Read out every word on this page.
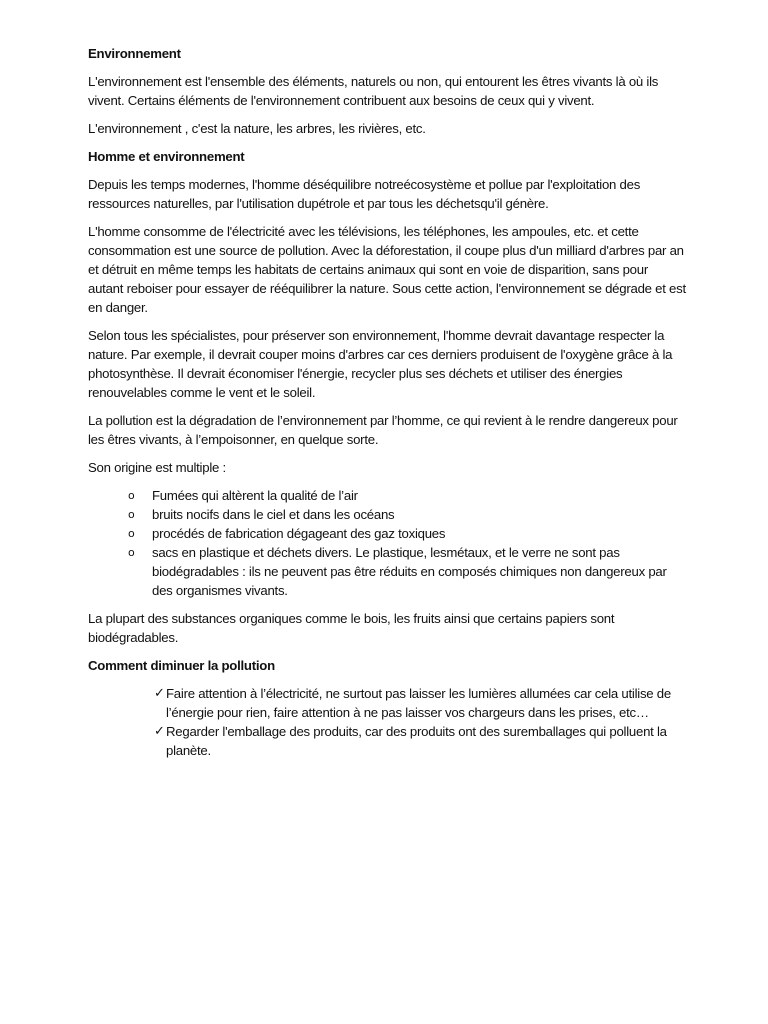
Environnement

L'environnement est l'ensemble des éléments, naturels ou non, qui entourent les êtres vivants là où ils vivent. Certains éléments de l'environnement contribuent aux besoins de ceux qui y vivent.

L'environnement , c'est la nature, les arbres, les rivières, etc.

Homme et environnement

Depuis les temps modernes, l'homme déséquilibre notreécosystème et pollue par l'exploitation des ressources naturelles, par l'utilisation dupétrole et par tous les déchetsqu'il génère.

L'homme consomme de l'électricité avec les télévisions, les téléphones, les ampoules, etc. et cette consommation est une source de pollution. Avec la déforestation, il coupe plus d'un milliard d'arbres par an et détruit en même temps les habitats de certains animaux qui sont en voie de disparition, sans pour autant reboiser pour essayer de rééquilibrer la nature. Sous cette action, l'environnement se dégrade et est en danger.

Selon tous les spécialistes, pour préserver son environnement, l'homme devrait davantage respecter la nature. Par exemple, il devrait couper moins d'arbres car ces derniers produisent de l'oxygène grâce à la photosynthèse. Il devrait économiser l'énergie, recycler plus ses déchets et utiliser des énergies renouvelables comme le vent et le soleil.

La pollution est la dégradation de l’environnement par l’homme, ce qui revient à le rendre dangereux pour les êtres vivants, à l’empoisonner, en quelque sorte.

Son origine est multiple :

o Fumées qui altèrent la qualité de l’air
o bruits nocifs dans le ciel et dans les océans
o procédés de fabrication dégageant des gaz toxiques
o sacs en plastique et déchets divers. Le plastique, lesmétaux, et le verre ne sont pas biodégradables : ils ne peuvent pas être réduits en composés chimiques non dangereux par des organismes vivants.

La plupart des substances organiques comme le bois, les fruits ainsi que certains papiers sont biodégradables.

Comment diminuer la pollution

✓ Faire attention à l’électricité, ne surtout pas laisser les lumières allumées car cela utilise de l’énergie pour rien, faire attention à ne pas laisser vos chargeurs dans les prises, etc…
✓ Regarder l'emballage des produits, car des produits ont des suremballages qui polluent la planète.
